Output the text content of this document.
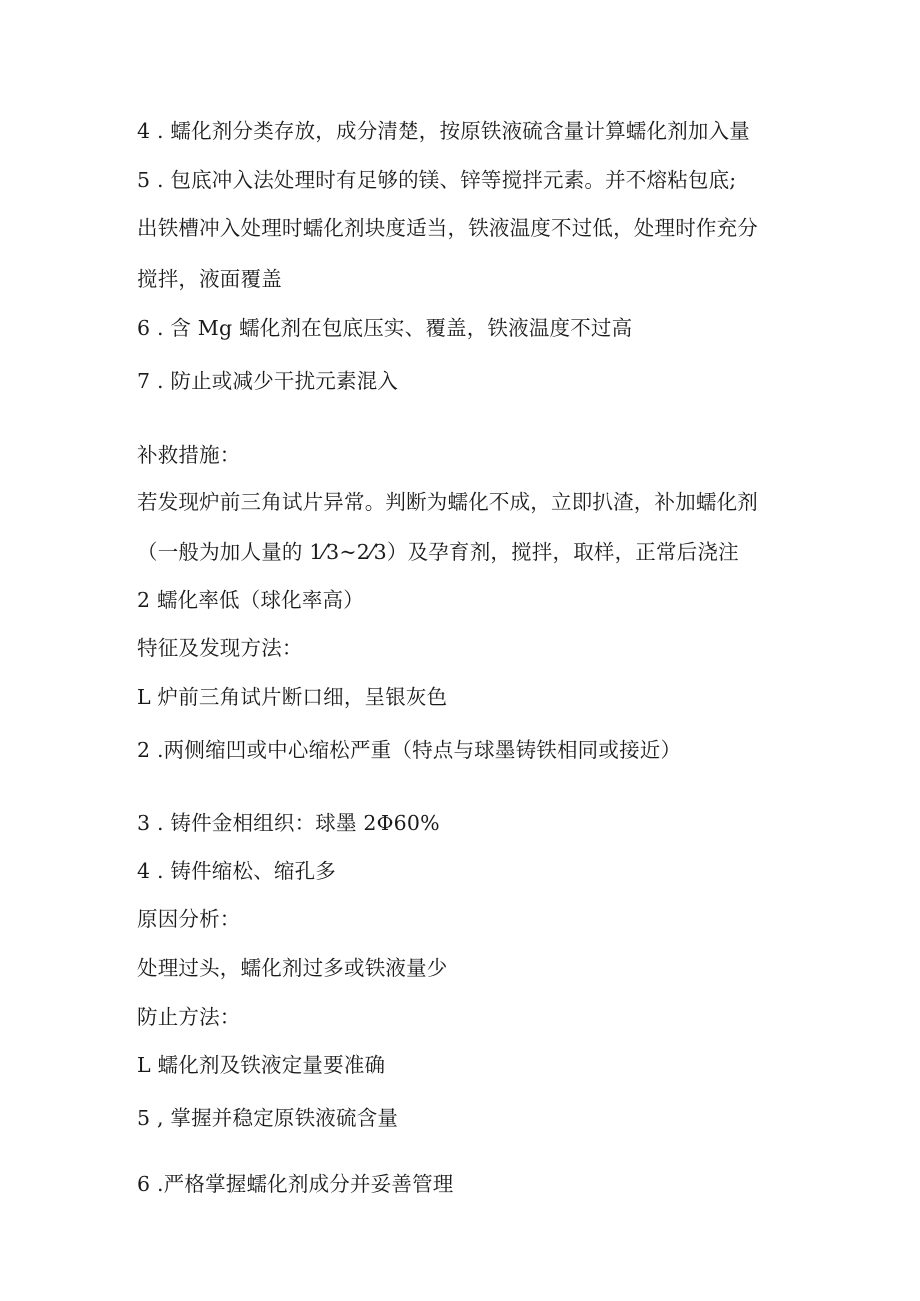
4 . 蠕化剂分类存放，成分清楚，按原铁液硫含量计算蠕化剂加入量
5 . 包底冲入法处理时有足够的镁、锌等搅拌元素。并不熔粘包底;
出铁槽冲入处理时蠕化剂块度适当，铁液温度不过低，处理时作充分
搅拌，液面覆盖
6 . 含 Mg 蠕化剂在包底压实、覆盖，铁液温度不过高
7 . 防止或减少干扰元素混入
补救措施：
若发现炉前三角试片异常。判断为蠕化不成，立即扒渣，补加蠕化剂
（一般为加人量的 1⁄3~2⁄3）及孕育剂，搅拌，取样，正常后浇注
2 蠕化率低（球化率高）
特征及发现方法：
L 炉前三角试片断口细，呈银灰色
2 .两侧缩凹或中心缩松严重（特点与球墨铸铁相同或接近）
3 . 铸件金相组织：球墨 2Φ60%
4 . 铸件缩松、缩孔多
原因分析：
处理过头，蠕化剂过多或铁液量少
防止方法：
L 蠕化剂及铁液定量要准确
5 , 掌握并稳定原铁液硫含量
6 .严格掌握蠕化剂成分并妥善管理
